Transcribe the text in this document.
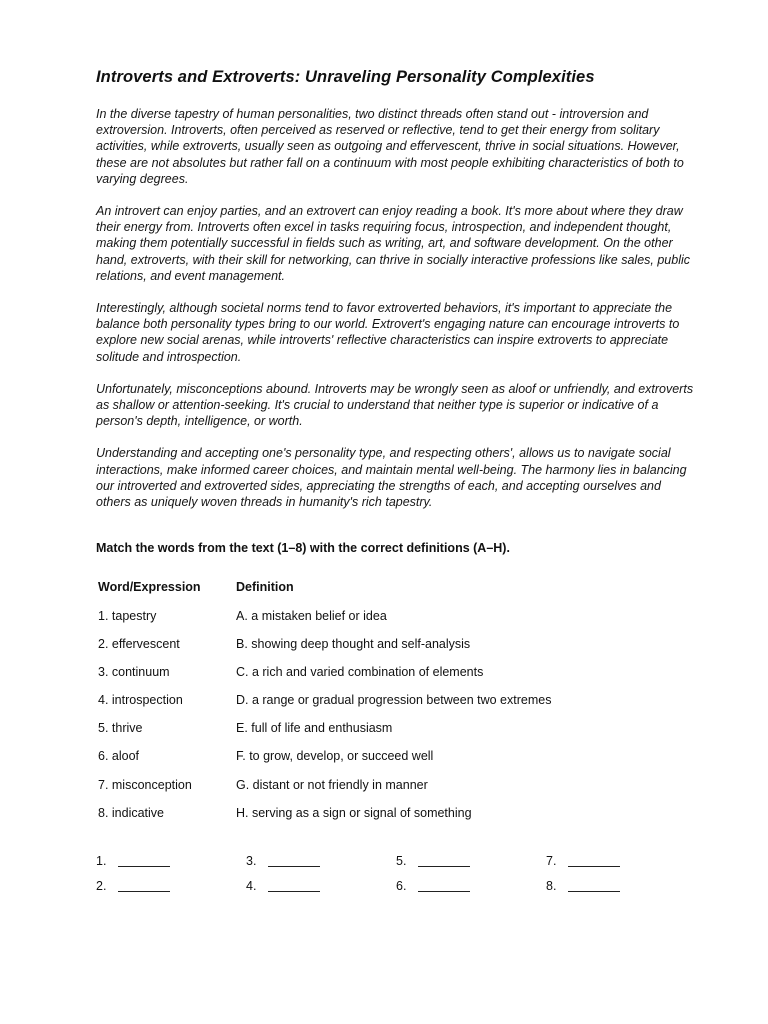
Introverts and Extroverts: Unraveling Personality Complexities

In the diverse tapestry of human personalities, two distinct threads often stand out - introversion and extroversion. Introverts, often perceived as reserved or reflective, tend to get their energy from solitary activities, while extroverts, usually seen as outgoing and effervescent, thrive in social situations. However, these are not absolutes but rather fall on a continuum with most people exhibiting characteristics of both to varying degrees.

An introvert can enjoy parties, and an extrovert can enjoy reading a book. It's more about where they draw their energy from. Introverts often excel in tasks requiring focus, introspection, and independent thought, making them potentially successful in fields such as writing, art, and software development. On the other hand, extroverts, with their skill for networking, can thrive in socially interactive professions like sales, public relations, and event management.

Interestingly, although societal norms tend to favor extroverted behaviors, it's important to appreciate the balance both personality types bring to our world. Extrovert's engaging nature can encourage introverts to explore new social arenas, while introverts' reflective characteristics can inspire extroverts to appreciate solitude and introspection.

Unfortunately, misconceptions abound. Introverts may be wrongly seen as aloof or unfriendly, and extroverts as shallow or attention-seeking. It's crucial to understand that neither type is superior or indicative of a person's depth, intelligence, or worth.

Understanding and accepting one's personality type, and respecting others', allows us to navigate social interactions, make informed career choices, and maintain mental well-being. The harmony lies in balancing our introverted and extroverted sides, appreciating the strengths of each, and accepting ourselves and others as uniquely woven threads in humanity's rich tapestry.

Match the words from the text (1–8) with the correct definitions (A–H).
Word/Expression	Definition
1. tapestry	A. a mistaken belief or idea
2. effervescent	B. showing deep thought and self-analysis
3. continuum	C. a rich and varied combination of elements
4. introspection	D. a range or gradual progression between two extremes
5. thrive	E. full of life and enthusiasm
6. aloof	F. to grow, develop, or succeed well
7. misconception	G. distant or not friendly in manner
8. indicative	H. serving as a sign or signal of something
1.	3.	5.	7.
2.	4.	6.	8.
